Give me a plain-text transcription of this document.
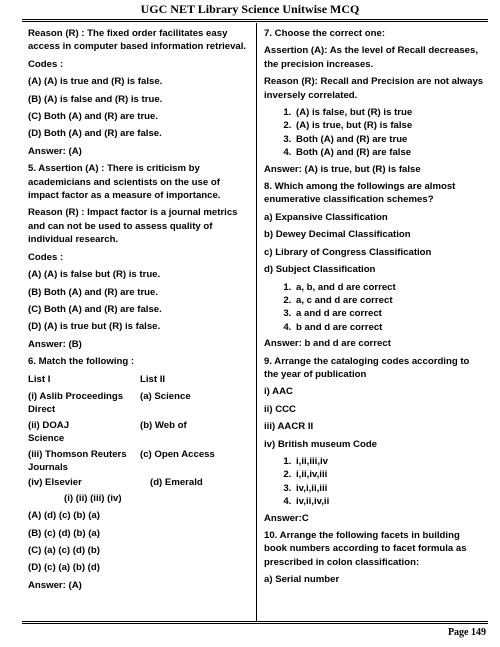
UGC NET Library Science Unitwise MCQ

Reason (R) : The fixed order facilitates easy access in computer based information retrieval.

Codes :

(A) (A) is true and (R) is false.

(B) (A) is false and (R) is true.

(C) Both (A) and (R) are true.

(D) Both (A) and (R) are false.

Answer: (A)

5. Assertion (A) : There is criticism by academicians and scientists on the use of impact factor as a measure of importance.

Reason (R) : Impact factor is a journal metrics and can not be used to assess quality of individual research.

Codes :

(A) (A) is false but (R) is true.

(B) Both (A) and (R) are true.

(C) Both (A) and (R) are false.

(D) (A) is true but (R) is false.

Answer: (B)

6. Match the following :

List I	List II
(i) Aslib Proceedings	(a) Science
Direct
(ii) DOAJ	(b) Web of
Science
(iii) Thomson Reuters	(c) Open Access
Journals
(iv) Elsevier	(d) Emerald

(i) (ii) (iii) (iv)

(A) (d) (c) (b) (a)

(B) (c) (d) (b) (a)

(C) (a) (c) (d) (b)

(D) (c) (a) (b) (d)

Answer: (A)

7. Choose the correct one:

Assertion (A): As the level of Recall decreases, the precision increases.

Reason (R): Recall and Precision are not always inversely correlated.

1. (A) is false, but (R) is true
2. (A) is true, but (R) is false
3. Both (A) and (R) are true
4. Both (A) and (R) are false

Answer: (A) is true, but (R) is false

8. Which among the followings are almost enumerative classification schemes?

a) Expansive Classification

b) Dewey Decimal Classification

c) Library of Congress Classification

d) Subject Classification

1. a, b, and d are correct
2. a, c and d are correct
3. a and d are correct
4. b and d are correct

Answer: b and d are correct

9. Arrange the cataloging codes according to the year of publication

i) AAC

ii) CCC

iii) AACR II

iv) British museum Code

1. i,ii,iii,iv
2. i,ii,iv,iii
3. iv,i,ii,iii
4. iv,ii,iv,ii

Answer:C

10. Arrange the following facets in building book numbers according to facet formula as prescribed in colon classification:

a) Serial number

Page 149
